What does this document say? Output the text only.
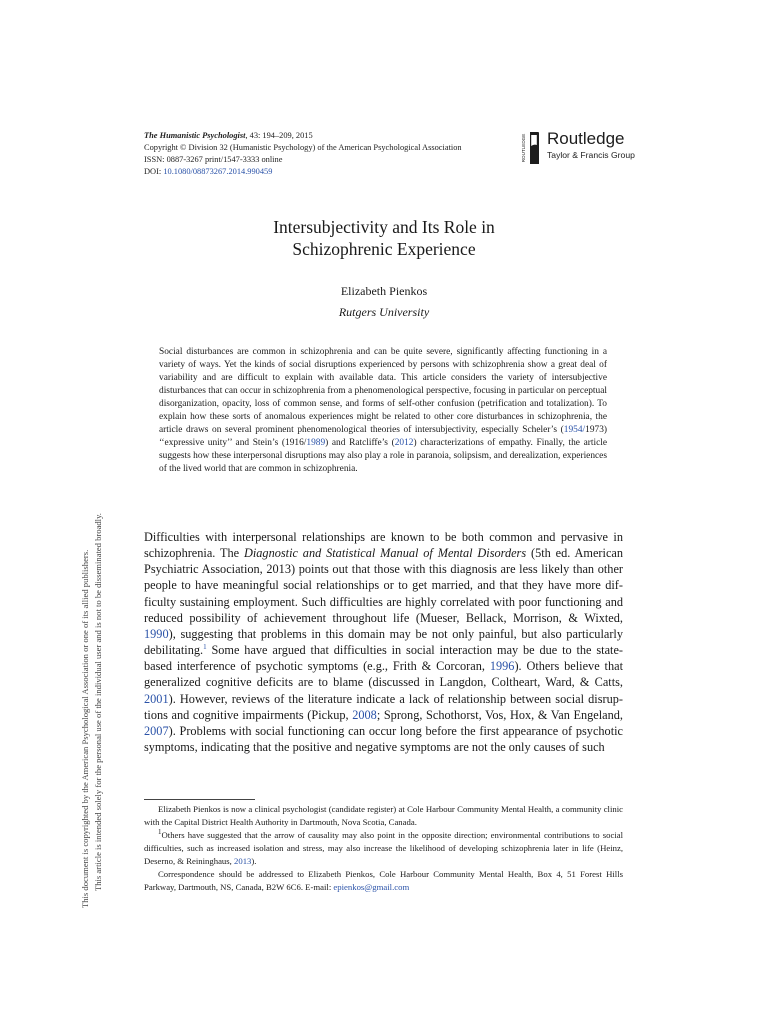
The Humanistic Psychologist, 43: 194–209, 2015
Copyright © Division 32 (Humanistic Psychology) of the American Psychological Association
ISSN: 0887-3267 print/1547-3333 online
DOI: 10.1080/08873267.2014.990459
ROUTLEDGE Routledge
Taylor & Francis Group
Intersubjectivity and Its Role in
Schizophrenic Experience
Elizabeth Pienkos
Rutgers University
Social disturbances are common in schizophrenia and can be quite severe, significantly affecting functioning in a variety of ways. Yet the kinds of social disruptions experienced by persons with schizophrenia show a great deal of variability and are difficult to explain with available data. This article considers the variety of intersubjective disturbances that can occur in schizophrenia from a phenomenological perspective, focusing in particular on perceptual disorganization, opacity, loss of common sense, and forms of self-other confusion (petrification and totalization). To explain how these sorts of anomalous experiences might be related to other core disturbances in schizophrenia, the article draws on several prominent phenomenological theories of intersubjectivity, especially Scheler’s (1954/1973) ‘‘expressive unity’’ and Stein’s (1916/1989) and Ratcliffe’s (2012) characterizations of empathy. Finally, the article suggests how these interpersonal disruptions may also play a role in paranoia, solipsism, and derealization, experiences of the lived world that are common in schizophrenia.
Difficulties with interpersonal relationships are known to be both common and pervasive in schizophrenia. The Diagnostic and Statistical Manual of Mental Disorders (5th ed. American Psychiatric Association, 2013) points out that those with this diagnosis are less likely than other people to have meaningful social relationships or to get married, and that they have more dif-ficulty sustaining employment. Such difficulties are highly correlated with poor functioning and reduced possibility of achievement throughout life (Mueser, Bellack, Morrison, & Wixted, 1990), suggesting that problems in this domain may be not only painful, but also particularly debilitating.$^1$ Some have argued that difficulties in social interaction may be due to the state-based interference of psychotic symptoms (e.g., Frith & Corcoran, 1996). Others believe that generalized cognitive deficits are to blame (discussed in Langdon, Coltheart, Ward, & Catts, 2001). However, reviews of the literature indicate a lack of relationship between social disrup-tions and cognitive impairments (Pickup, 2008; Sprong, Schothorst, Vos, Hox, & Van Engeland, 2007). Problems with social functioning can occur long before the first appearance of psychotic symptoms, indicating that the positive and negative symptoms are not the only causes of such
Elizabeth Pienkos is now a clinical psychologist (candidate register) at Cole Harbour Community Mental Health, a community clinic with the Capital District Health Authority in Dartmouth, Nova Scotia, Canada.
$^1$Others have suggested that the arrow of causality may also point in the opposite direction; environmental contributions to social difficulties, such as increased isolation and stress, may also increase the likelihood of developing schizophrenia later in life (Heinz, Deserno, & Reininghaus, 2013).
Correspondence should be addressed to Elizabeth Pienkos, Cole Harbour Community Mental Health, Box 4, 51 Forest Hills Parkway, Dartmouth, NS, Canada, B2W 6C6. E-mail: epienkos@gmail.com
This document is copyrighted by the American Psychological Association or one of its allied publishers. This article is intended solely for the personal use of the individual user and is not to be disseminated broadly.
